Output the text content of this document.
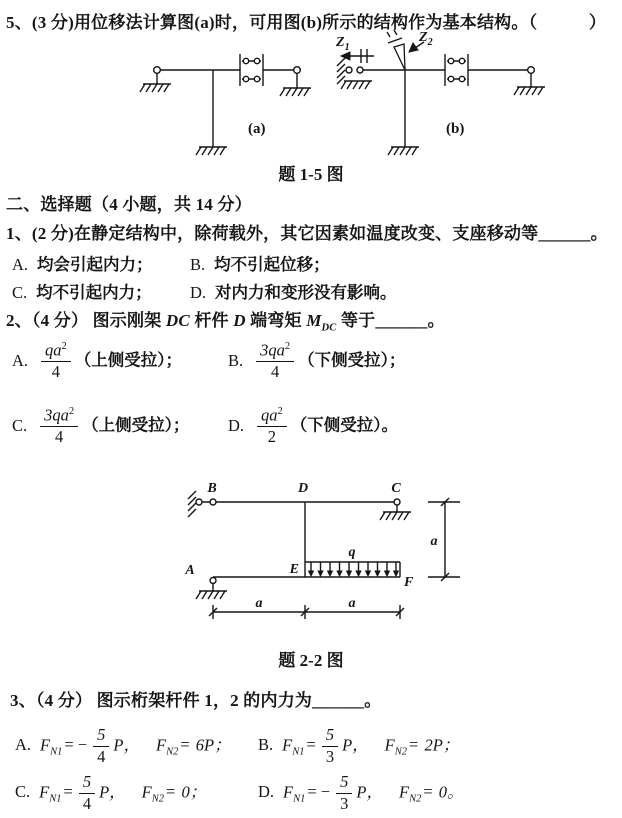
5、(3 分)用位移法计算图(a)时，可用图(b)所示的结构作为基本结构。（　　　）
(a)
$Z_1$
$Z_2$
(b)
题 1-5 图
二、选择题（4 小题，共 14 分）
1、(2 分)在静定结构中，除荷载外，其它因素如温度改变、支座移动等______。
A. 均会引起内力； B. 均不引起位移；
C. 均不引起内力； D. 对内力和变形没有影响。
2、（4 分） 图示刚架 DC 杆件 D 端弯矩 $M_{DC}$ 等于______。
A. $\frac{qa^2}{4}$ （上侧受拉）；	B. $\frac{3qa^2}{4}$ （下侧受拉）；
C. $\frac{3qa^2}{4}$ （上侧受拉）； D. $\frac{qa^2}{2}$ （下侧受拉）。
B	D	C
A	E
F
q
a
a	a
题 2-2 图
3、（4 分） 图示桁架杆件 1，2 的内力为______。
A. $F_{N1}$ = − $\frac{5}{4}$ P， $F_{N2} = 6P$； B. $F_{N1} = \frac{5}{3}$ P， $F_{N2} = 2P$；
C. $F_{N1} = \frac{5}{4}$ P， $F_{N2} = 0$；	D. $F_{N1}$ = − $\frac{5}{3}$ P， $F_{N2} = 0$。
